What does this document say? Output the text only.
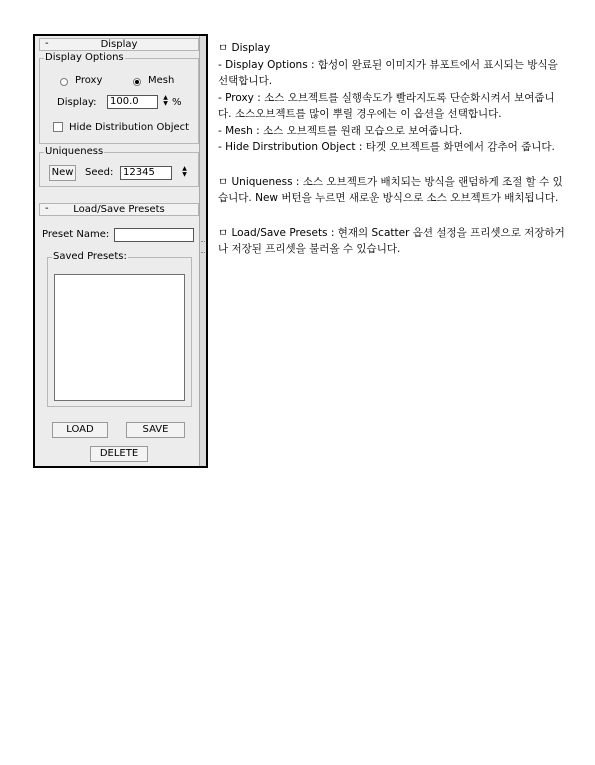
-	Display
Display Options
Proxy	Mesh
Display:	100.0	▲
▼ %
Hide Distribution Object
Uniqueness
New Seed: 12345	▲
▼
-	Load/Save Presets
Preset Name:
Saved Presets:
LOAD	SAVE
DELETE
ㅁ Display
- Display Options : 합성이 완료된 이미지가 뷰포트에서 표시되는 방식을 선택합니다.
- Proxy : 소스 오브젝트를 실행속도가 빨라지도록 단순화시켜서 보여줍니다. 소스오브젝트를 많이 뿌릴 경우에는 이 옵션을 선택합니다.
- Mesh : 소스 오브젝트를 원래 모습으로 보여줍니다.
- Hide Dirstribution Object : 타겟 오브젝트를 화면에서 감추어 줍니다.
ㅁ Uniqueness : 소스 오브젝트가 배치되는 방식을 랜덤하게 조절 할 수 있습니다. New 버턴을 누르면 새로운 방식으로 소스 오브젝트가 배치됩니다.
ㅁ Load/Save Presets : 현재의 Scatter 옵션 설정을 프리셋으로 저장하거나 저장된 프리셋을 불러올 수 있습니다.
